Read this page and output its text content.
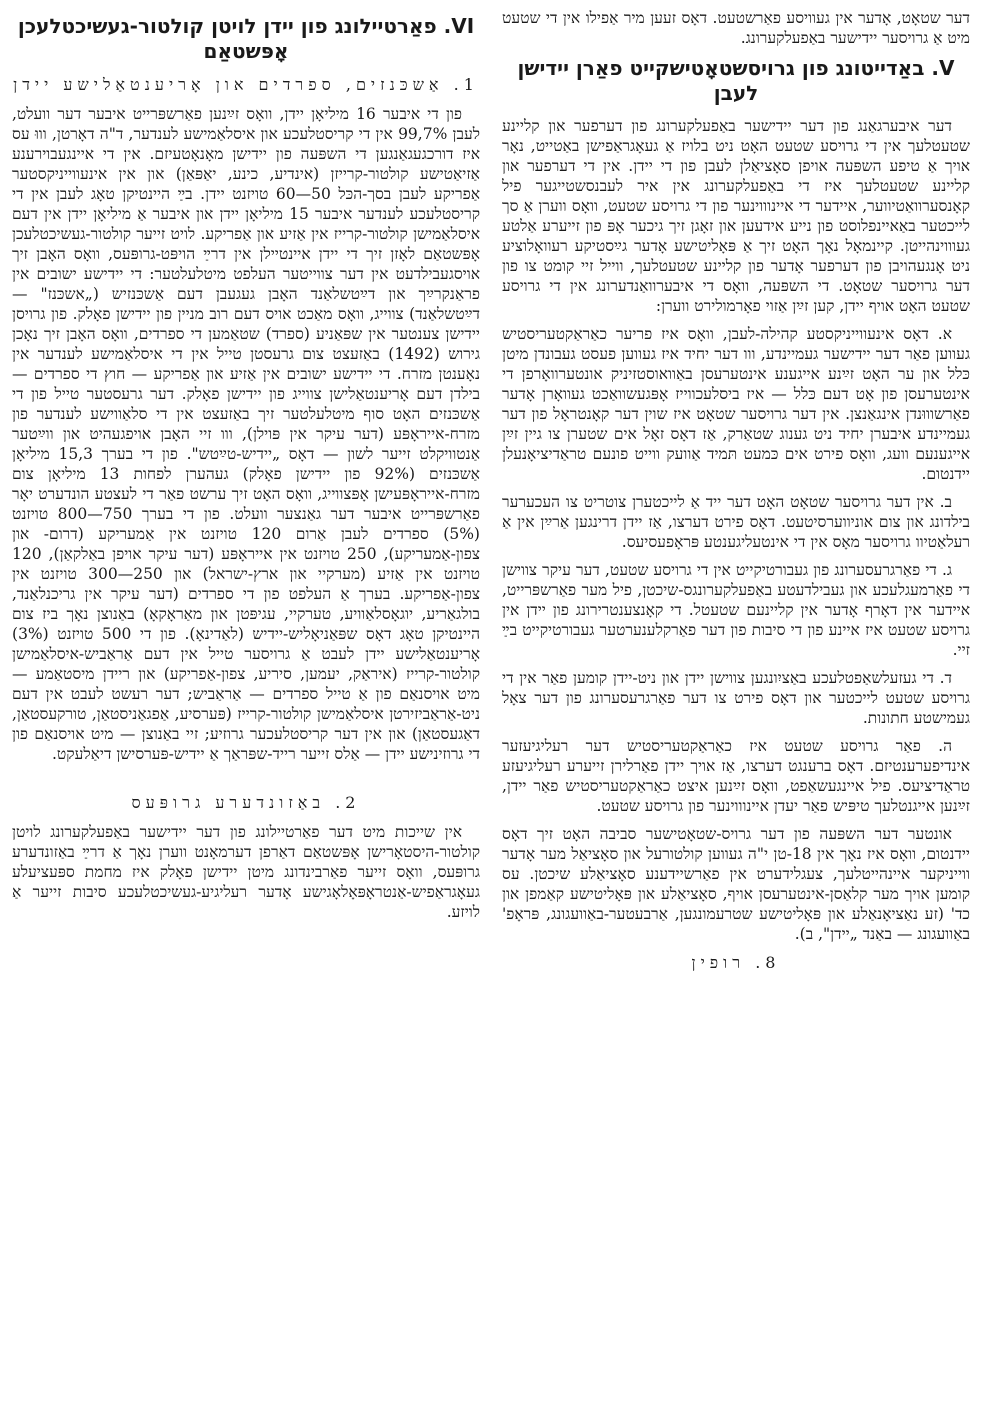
דער שטאָט, אָדער אין געוויסע פאַרשטעט. דאָס זעען מיר אַפילו אין די שטעט מיט אַ גרויסער יידישער באַפעלקערונג.

V. באַדייטונג פון גרויסשטאָטישקייט פאַרן יידישן לעבן

דער איבערגאַנג פון דער יידישער באַפעלקערונג פון דערפער און קליינע שטעטלעך אין די גרויסע שטעט האָט ניט בלויז אַ געאָגראַפישן באַטייט, נאָר אויך אַ טיפע השפּעה אויפן סאָציאַלן לעבן פון די יידן. אין די דערפער און קליינע שטעטלעך איז די באַפעלקערונג אין איר לעבנסשטייגער פיל קאָנסערוואַטיווער, איידער די איינוווינער פון די גרויסע שטעט, וואָס ווערן אַ סך לייכטער באַאיינפלוסט פון נייע אידעען און זאָגן זיך גיכער אָפּ פון זייערע אַלטע געוווינהייטן. קיינמאָל נאָך האָט זיך אַ פּאָליטישע אָדער גײַסטיקע רעוואָלוציע ניט אָנגעהויבן פון דערפער אָדער פון קליינע שטעטלעך, ווייל זיי קומט צו פון דער גרויסער שטאָט. די השפּעה, וואָס די איבערוואַנדערונג אין די גרויסע שטעט האָט אויף יידן, קען זײַן אַזוי פאָרמולירט ווערן:

א. דאָס אינעווייניקסטע קהילה-לעבן, וואָס איז פריער כאַראַקטעריסטיש געווען פאַר דער יידישער געמיינדע, ווו דער יחיד איז געווען פעסט געבונדן מיטן כּלל און ער האָט זײַנע אייגענע אינטערעסן באַוואוסטזיניק אונטערוואָרפן די אינטערעסן פון אָט דעם כּלל — איז ביסלעכווייז אָפּגעשוואַכט געוואָרן אָדער פאַרשוווּנדן אינגאַנצן. אין דער גרויסער שטאָט איז שוין דער קאָנטראָל פון דער געמיינדע איבערן יחיד ניט גענוג שטאַרק, אַז דאָס זאָל אים שטערן צו גיין זײַן אייגענעם וועג, וואָס פירט אים כּמעט תּמיד אַוועק ווייט פונעם טראַדיציאָנעלן יידנטום.

ב. אין דער גרויסער שטאָט האָט דער ייד אַ לייכטערן צוטריט צו העכערער בילדונג און צום אוניווערסיטעט. דאָס פירט דערצו, אַז יידן דרינגען אַרײַן אין אַ רעלאַטיוו גרויסער מאָס אין די אינטעליגענטע פּראָפעסיעס.

ג. די פאַרגרעסערונג פון געבורטיקייט אין די גרויסע שטעט, דער עיקר צווישן די פאַרמעגלעכע און געבילדעטע באַפעלקערונגס-שיכטן, פיל מער פאַרשפּרייט, איידער אין דאָרף אָדער אין קליינעם שטעטל. די קאָנצענטרירונג פון יידן אין גרויסע שטעט איז איינע פון די סיבות פון דער פאַרקלענערטער געבורטיקייט בײַ זיי.

ד. די געזעלשאַפטלעכע באַציִונגען צווישן יידן און ניט-יידן קומען פאַר אין די גרויסע שטעט לייכטער און דאָס פירט צו דער פאַרגרעסערונג פון דער צאָל געמישטע חתונות.

ה. פאַר גרויסע שטעט איז כאַראַקטעריסטיש דער רעליגיעזער אינדיפערענטיזם. דאָס ברענגט דערצו, אַז אויך יידן פאַרלירן זייערע רעליגיעזע טראַדיציעס. פיל איינגעשאַפט, וואָס זײַנען איצט כאַראַקטעריסטיש פאַר יידן, זײַנען אייגנטלעך טיפּיש פאַר יעדן איינוווינער פון גרויסע שטעט.

אונטער דער השפּעה פון דער גרויס-שטאָטישער סביבה האָט זיך דאָס יידנטום, וואָס איז נאָך אין 18-טן י"ה געווען קולטורעל און סאָציאַל מער אָדער ווייניקער איינהייטלעך, צעגלידערט אין פאַרשיידענע סאָציאַלע שיכטן. עס קומען אויך מער קלאַסן-אינטערעסן אויף, סאָציאַלע און פּאָליטישע קאַמפן און כד' (זע נאַציאָנאַלע און פּאָליטישע שטרעמונגען, אַרבעטער-באַוועגונג, פּראָפ' באַוועגונג — באַנד „יידן", ב).

8. רופין
VI. פאַרטיילונג פון יידן לויטן קולטור-געשיכטלעכן אָפּשטאַם
1. אַשכּנזים, ספרדים און אָריענטאַלישע יידן

פון די איבער 16 מיליאָן יידן, וואָס זײַנען פאַרשפּרייט איבער דער וועלט, לעבן 99,7% אין די קריסטלעכע און איסלאַמישע לענדער, ד"ה דאָרטן, וווּ עס איז דורכגעגאַנגען די השפּעה פון יידישן מאָנאָטעיזם. אין די איינגעבוירענע אַזיאַטישע קולטור-קרייזן (אינדיע, כינע, יאַפּאַן) און אין אינעווייניקסטער אַפריקע לעבן בסך-הכּל 50—60 טויזנט יידן. בײַ היינטיקן טאָג לעבן אין די קריסטלעכע לענדער איבער 15 מיליאָן יידן און איבער אַ מיליאָן יידן אין דעם איסלאַמישן קולטור-קרייז אין אַזיע און אַפריקע. לויט זייער קולטור-געשיכטלעכן אָפּשטאַם לאָזן זיך די יידן איינטיילן אין דרײַ הויפּט-גרופּעס, וואָס האָבן זיך אויסגעבילדעט אין דער צווייטער העלפט מיטלעלטער: די יידישע ישובים אין פראַנקרײַך און דײַטשלאַנד האָבן געגעבן דעם אַשכּנזיש („אשכּנז" — דײַטשלאַנד) צווייג, וואָס מאַכט אויס דעם רוב מניין פון יידישן פאָלק. פון גרויסן יידישן צענטער אין שפּאַניע (ספרד) שטאַמען די ספרדים, וואָס האָבן זיך נאָכן גירוש (1492) באַזעצט צום גרעסטן טייל אין די איסלאַמישע לענדער אין נאָענטן מזרח. די יידישע ישובים אין אַזיע און אַפריקע — חוץ די ספרדים — בילדן דעם אָריענטאַלישן צווייג פון יידישן פאָלק. דער גרעסטער טייל פון די אַשכּנזים האָט סוף מיטלעלטער זיך באַזעצט אין די סלאַווישע לענדער פון מזרח-אייראָפּע (דער עיקר אין פּוילן), ווו זיי האָבן אויפגעהיט און ווײַטער אַנטוויקלט זייער לשון — דאָס „יידיש-טײַטש". פון די בערך 15,3 מיליאָן אַשכּנזים (92% פון יידישן פאָלק) געהערן לפחות 13 מיליאָן צום מזרח-אייראָפּעישן אָפּצווייג, וואָס האָט זיך ערשט פאַר די לעצטע הונדערט יאָר פאַרשפּרייט איבער דער גאַנצער וועלט. פון די בערך 750—800 טויזנט (5%) ספרדים לעבן אַרום 120 טויזנט אין אַמעריקע (דרום- און צפון-אַמעריקע), 250 טויזנט אין אייראָפּע (דער עיקר אויפן באַלקאַן), 120 טויזנט אין אַזיע (מערקיי און ארץ-ישראל) און 250—300 טויזנט אין צפון-אַפריקע. בערך אַ העלפט פון די ספרדים (דער עיקר אין גריכנלאַנד, בולגאַריע, יוגאָסלאַוויע, טערקיי, עגיפּטן און מאַראָקאָ) באַנוצן נאָך ביז צום היינטיקן טאָג דאָס שפּאַניאָליש-יידיש (לאַדינאָ). פון די 500 טויזנט (3%) אָריענטאַלישע יידן לעבט אַ גרויסער טייל אין דעם אַראַביש-איסלאַמישן קולטור-קרייז (איראַק, יעמען, סיריע, צפון-אַפריקע) און ריידן מיסטאַמע — מיט אויסנאַם פון אַ טייל ספרדים — אַראַביש; דער רעשט לעבט אין דעם ניט-אַראַביזירטן איסלאַמישן קולטור-קרייז (פּערסיע, אַפגאַניסטאַן, טורקעסטאַן, דאַגעסטאַן) און אין דער קריסטלעכער גרוזיע; זיי באַנוצן — מיט אויסנאַם פון די גרוזינישע יידן — אַלס זייער רייד-שפּראַך אַ יידיש-פּערסישן דיאַלעקט.

2. באַזונדערע גרופּעס

אין שייכות מיט דער פאַרטיילונג פון דער יידישער באַפעלקערונג לויטן קולטור-היסטאָרישן אָפּשטאַם דאַרפן דערמאָנט ווערן נאָך אַ דרײַ באַזונדערע גרופּעס, וואָס זייער פאַרבינדונג מיטן יידישן פאָלק איז מחמת ספּעציעלע געאָגראַפיש-אַנטראָפּאָלאָגישע אָדער רעליגיע-געשיכטלעכע סיבות זייער אַ לויזע.
